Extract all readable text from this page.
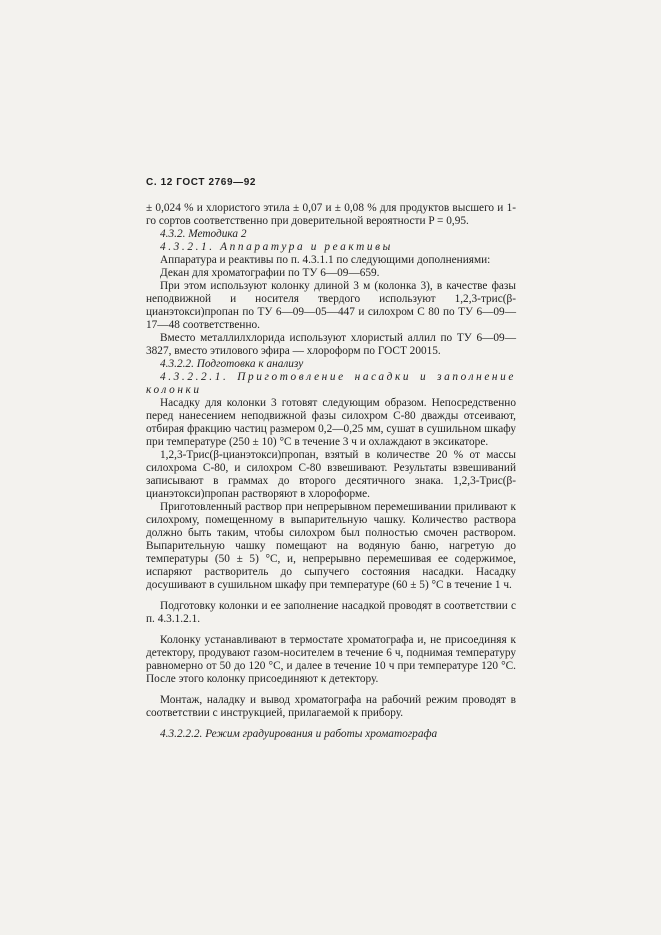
С. 12 ГОСТ 2769—92

± 0,024 % и хлористого этила ± 0,07 и ± 0,08 % для продуктов высшего и 1-го сортов соответственно при доверительной вероятности P = 0,95.

4.3.2. Методика 2

4.3.2.1. Аппаратура и реактивы

Аппаратура и реактивы по п. 4.3.1.1 по следующими дополнениями:

Декан для хроматографии по ТУ 6—09—659.

При этом используют колонку длиной 3 м (колонка 3), в качестве фазы неподвижной и носителя твердого используют 1,2,3-трис(β-цианэтокси)пропан по ТУ 6—09—05—447 и силохром С 80 по ТУ 6—09—17—48 соответственно.

Вместо металлилхлорида используют хлористый аллил по ТУ 6—09—3827, вместо этилового эфира — хлороформ по ГОСТ 20015.

4.3.2.2. Подготовка к анализу

4.3.2.2.1. Приготовление насадки и заполнение колонки

Насадку для колонки 3 готовят следующим образом. Непосредственно перед нанесением неподвижной фазы силохром С-80 дважды отсеивают, отбирая фракцию частиц размером 0,2—0,25 мм, сушат в сушильном шкафу при температуре (250 ± 10) °С в течение 3 ч и охлаждают в эксикаторе.

1,2,3-Трис(β-цианэтокси)пропан, взятый в количестве 20 % от массы силохрома С-80, и силохром С-80 взвешивают. Результаты взвешиваний записывают в граммах до второго десятичного знака. 1,2,3-Трис(β-цианэтокси)пропан растворяют в хлороформе.

Приготовленный раствор при непрерывном перемешивании приливают к силохрому, помещенному в выпарительную чашку. Количество раствора должно быть таким, чтобы силохром был полностью смочен раствором. Выпарительную чашку помещают на водяную баню, нагретую до температуры (50 ± 5) °С, и, непрерывно перемешивая ее содержимое, испаряют растворитель до сыпучего состояния насадки. Насадку досушивают в сушильном шкафу при температуре (60 ± 5) °С в течение 1 ч.

Подготовку колонки и ее заполнение насадкой проводят в соответствии с п. 4.3.1.2.1.

Колонку устанавливают в термостате хроматографа и, не присоединяя к детектору, продувают газом-носителем в течение 6 ч, поднимая температуру равномерно от 50 до 120 °С, и далее в течение 10 ч при температуре 120 °С. После этого колонку присоединяют к детектору.

Монтаж, наладку и вывод хроматографа на рабочий режим проводят в соответствии с инструкцией, прилагаемой к прибору.

4.3.2.2.2. Режим градуирования и работы хроматографа
